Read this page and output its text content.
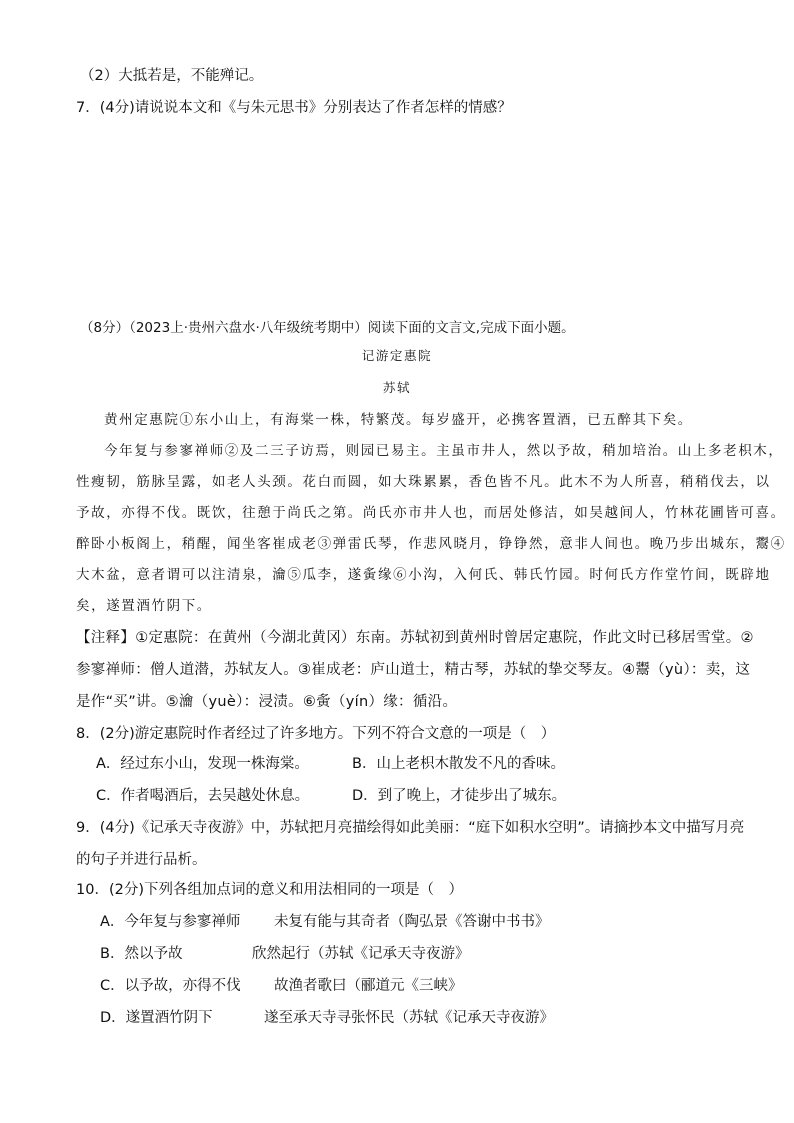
（2）大抵若是，不能殚记。
7．(4分)请说说本文和《与朱元思书》分别表达了作者怎样的情感？
（8分）（2023上·贵州六盘水·八年级统考期中）阅读下面的文言文,完成下面小题。
记游定惠院
苏轼
黄州定惠院①东小山上，有海棠一株，特繁茂。每岁盛开，必携客置酒，已五醉其下矣。
今年复与参寥禅师②及二三子访焉，则园已易主。主虽市井人，然以予故，稍加培治。山上多老枳木，
性瘦韧，筋脉呈露，如老人头颈。花白而圆，如大珠累累，香色皆不凡。此木不为人所喜，稍稍伐去，以
予故，亦得不伐。既饮，往憩于尚氏之第。尚氏亦市井人也，而居处修洁，如吴越间人，竹林花圃皆可喜。
醉卧小板阁上，稍醒，闻坐客崔成老③弹雷氏琴，作悲风晓月，铮铮然，意非人间也。晚乃步出城东，鬻④
大木盆，意者谓可以注清泉，瀹⑤瓜李，遂夤缘⑥小沟，入何氏、韩氏竹园。时何氏方作堂竹间，既辟地
矣，遂置酒竹阴下。
【注释】①定惠院：在黄州（今湖北黄冈）东南。苏轼初到黄州时曾居定惠院，作此文时已移居雪堂。②
参寥禅师：僧人道潜，苏轼友人。③崔成老：庐山道士，精古琴，苏轼的挚交琴友。④鬻（yù）：卖，这
是作“买”讲。⑤瀹（yuè）：浸渍。⑥夤（yín）缘：循沿。
8．(2分)游定惠院时作者经过了许多地方。下列不符合文意的一项是（　）
A．经过东小山，发现一株海棠。	B．山上老枳木散发不凡的香味。
C．作者喝酒后，去吴越处休息。	D．到了晚上，才徒步出了城东。
9．(4分)《记承天寺夜游》中，苏轼把月亮描绘得如此美丽：“庭下如积水空明”。请摘抄本文中描写月亮
的句子并进行品析。
10．(2分)下列各组加点词的意义和用法相同的一项是（　）
A．今年复与参寥禅师 未复有能与其奇者（陶弘景《答谢中书书》
B．然以予故	欣然起行（苏轼《记承天寺夜游》
C．以予故，亦得不伐 故渔者歌曰（郦道元《三峡》
D．遂置酒竹阴下	遂至承天寺寻张怀民（苏轼《记承天寺夜游》
